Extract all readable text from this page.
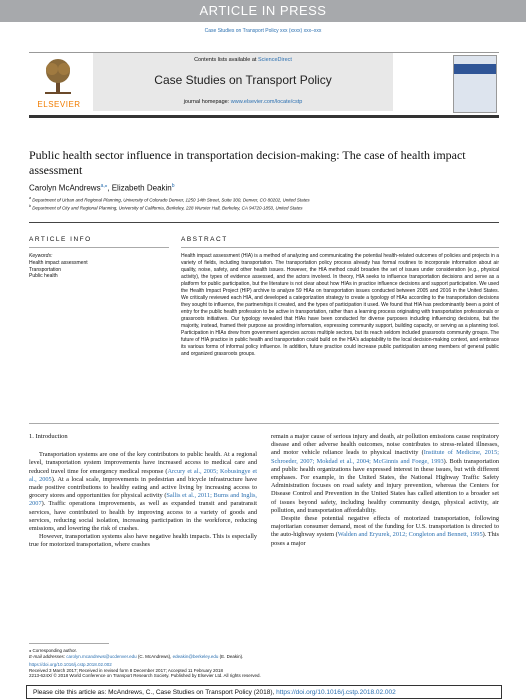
ARTICLE IN PRESS
Case Studies on Transport Policy xxx (xxxx) xxx–xxx
ELSEVIER
Contents lists available at ScienceDirect
Case Studies on Transport Policy
journal homepage: www.elsevier.com/locate/cstp
Public health sector influence in transportation decision-making: The case of health impact assessment
Carolyn McAndrews$^{a,⁎}$, Elizabeth Deakin$^b$
$^a$ Department of Urban and Regional Planning, University of Colorado Denver, 1250 14th Street, Suite 300, Denver, CO 80202, United States
$^b$ Department of City and Regional Planning, University of California, Berkeley, 228 Wurster Hall, Berkeley, CA 94720-1850, United States
ARTICLE INFO	ABSTRACT
Keywords:
Health impact assessment
Transportation
Public health
Health impact assessment (HIA) is a method of analyzing and communicating the potential health-related outcomes of policies and projects in a variety of fields, including transportation. The transportation policy process already has formal routines to incorporate information about air quality, noise, safety, and other health issues. However, the HIA method could broaden the set of issues under consideration (e.g., physical activity), the types of evidence assessed, and the actors involved. In theory, HIA seeks to influence transportation decisions and serve as a platform for public participation, but the literature is not clear about how HIAs in practice influence decisions and support participation. We used the Health Impact Project (HIP) archive to analyze 59 HIAs on transportation issues conducted between 2005 and 2016 in the United States. We critically reviewed each HIA, and developed a categorization strategy to create a typology of HIAs according to the transportation decisions they sought to influence, the partnerships it created, and the types of participation it used. We found that HIA has predominantly been a point of entry for the public health profession to be active in transportation, rather than a learning process originating with transportation professionals or grassroots initiatives. Our typology revealed that HIAs have been conducted for diverse purposes including influencing decisions, but the majority, instead, framed their purpose as providing information, expressing community support, building capacity, or serving as a planning tool. Participation in HIAs drew from government agencies across multiple sectors, but its reach seldom included grassroots community groups. The future of HIA practice in public health and transportation could build on the HIA's adaptability to the local decision-making context, and embrace its various forms of informal policy influence. In addition, future practice could increase public participation among members of general public and organized grassroots groups.
1. Introduction

Transportation systems are one of the key contributors to public health. At a regional level, transportation system improvements have increased access to medical care and reduced travel time for emergency medical response (Arcury et al., 2005; Kobusingye et al., 2005). At a local scale, improvements in pedestrian and bicycle infrastructure have made positive contributions to healthy eating and active living by increasing access to grocery stores and opportunities for physical activity (Sallis et al., 2011; Burns and Inglis, 2007). Traffic operations improvements, as well as expanded transit and paratransit services, have contributed to health by improving access to a variety of goods and services, reducing social isolation, increasing participation in the workforce, reducing emissions, and lowering the risk of crashes.

However, transportation systems also have negative health impacts. This is especially true for motorized transportation, where crashes

remain a major cause of serious injury and death, air pollution emissions cause respiratory disease and other adverse health outcomes, noise contributes to stress-related illnesses, and motor vehicle reliance leads to physical inactivity (Institute of Medicine, 2015; Schroeder, 2007; Mokdad et al., 2004; McGinnis and Foege, 1993). Both transportation and public health organizations have expressed interest in these issues, but with different emphases. For example, in the United States, the National Highway Traffic Safety Administration focuses on road safety and injury prevention, whereas the Centers for Disease Control and Prevention in the United States has called attention to a broader set of issues beyond safety, including healthy community design, physical activity, air pollution, and transportation affordability.

Despite these potential negative effects of motorized transportation, following majoritarian consumer demand, most of the funding for U.S. transportation is directed to the auto-highway system (Walden and Eryurek, 2012; Congleton and Bennett, 1995). This poses a major

⁎ Corresponding author.
E-mail addresses: carolyn.mcandrews@ucdenver.edu (C. McAndrews), edeakin@berkeley.edu (E. Deakin).
https://doi.org/10.1016/j.cstp.2018.02.002
Received 3 March 2017; Received in revised form 8 December 2017; Accepted 11 February 2018
2213-624X/ © 2018 World Conference on Transport Research Society. Published by Elsevier Ltd. All rights reserved.
Please cite this article as: McAndrews, C., Case Studies on Transport Policy (2018), https://doi.org/10.1016/j.cstp.2018.02.002
